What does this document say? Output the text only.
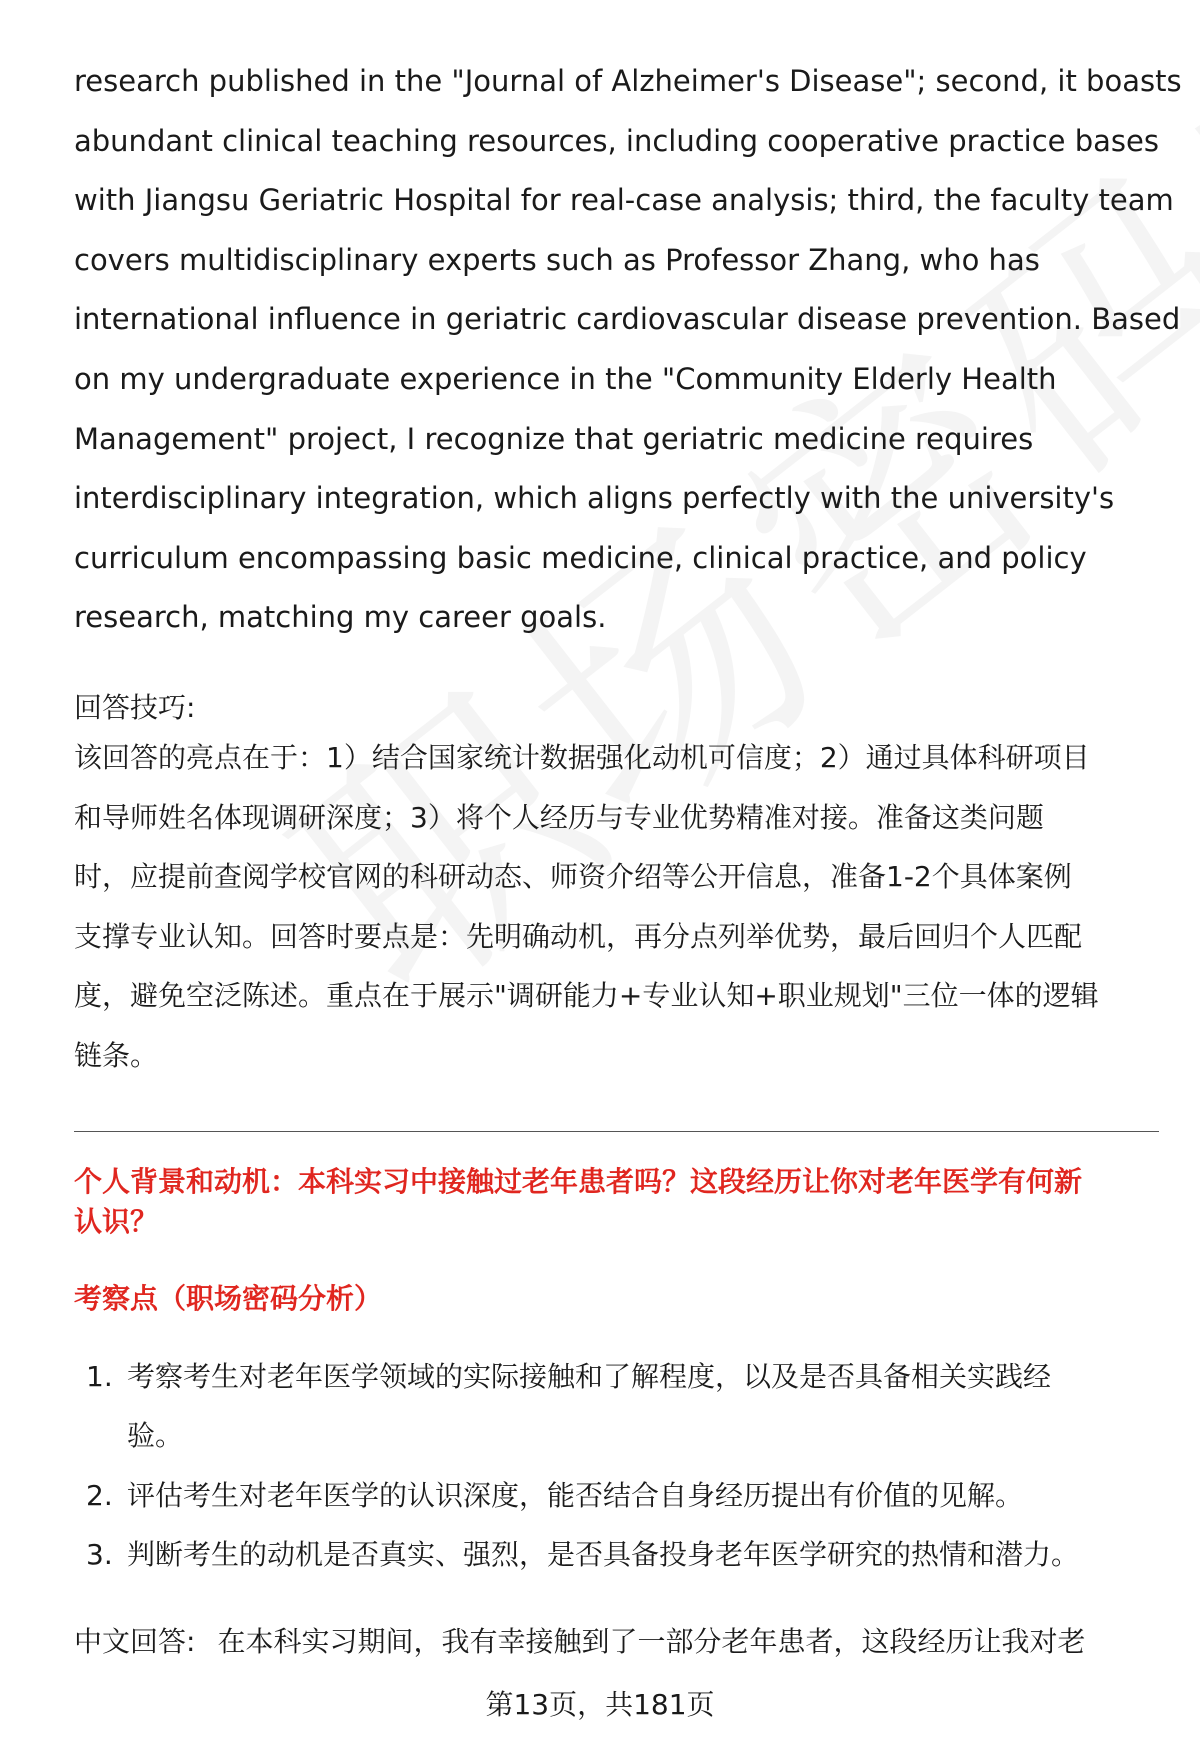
research published in the "Journal of Alzheimer's Disease"; second, it boasts
abundant clinical teaching resources, including cooperative practice bases
with Jiangsu Geriatric Hospital for real-case analysis; third, the faculty team
covers multidisciplinary experts such as Professor Zhang, who has
international influence in geriatric cardiovascular disease prevention. Based
on my undergraduate experience in the "Community Elderly Health
Management" project, I recognize that geriatric medicine requires
interdisciplinary integration, which aligns perfectly with the university's
curriculum encompassing basic medicine, clinical practice, and policy
research, matching my career goals.
回答技巧:
该回答的亮点在于：1）结合国家统计数据强化动机可信度；2）通过具体科研项目
和导师姓名体现调研深度；3）将个人经历与专业优势精准对接。准备这类问题
时，应提前查阅学校官网的科研动态、师资介绍等公开信息，准备1-2个具体案例
支撑专业认知。回答时要点是：先明确动机，再分点列举优势，最后回归个人匹配
度，避免空泛陈述。重点在于展示"调研能力+专业认知+职业规划"三位一体的逻辑
链条。
个人背景和动机：本科实习中接触过老年患者吗？这段经历让你对老年医学有何新
认识？
考察点（职场密码分析）
1. 考察考生对老年医学领域的实际接触和了解程度，以及是否具备相关实践经
验。
2. 评估考生对老年医学的认识深度，能否结合自身经历提出有价值的见解。
3. 判断考生的动机是否真实、强烈，是否具备投身老年医学研究的热情和潜力。
中文回答: 在本科实习期间，我有幸接触到了一部分老年患者，这段经历让我对老
第13页，共181页
